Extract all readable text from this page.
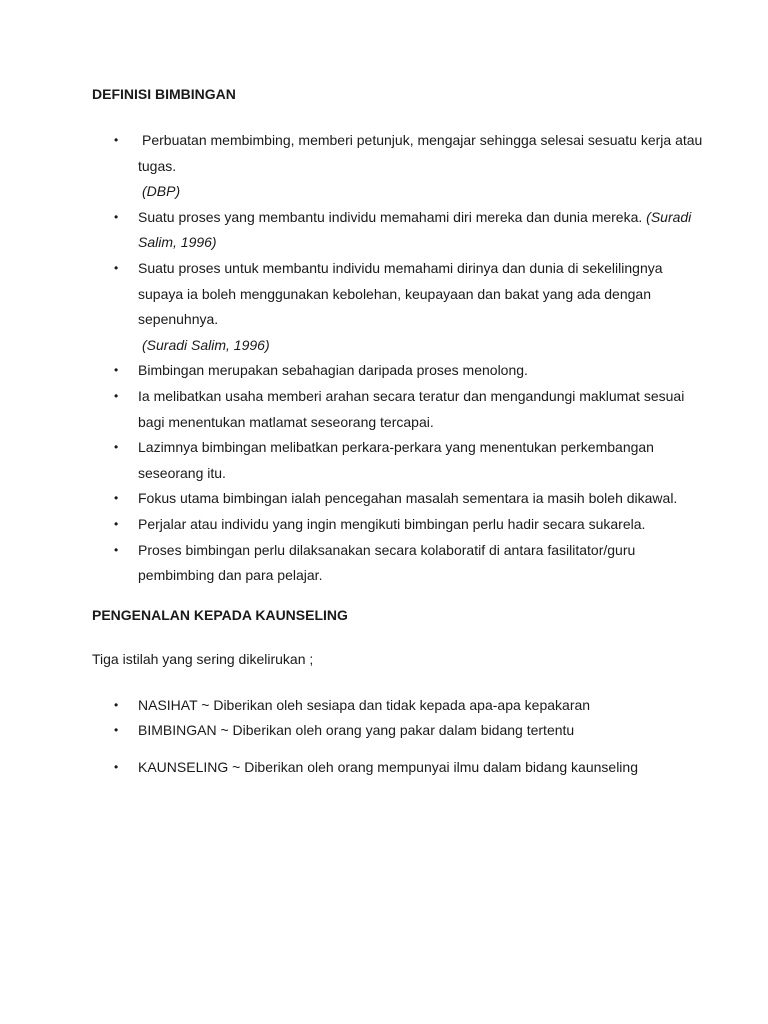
DEFINISI BIMBINGAN
• Perbuatan membimbing, memberi petunjuk, mengajar sehingga selesai sesuatu kerja atau tugas.
(DBP)
• Suatu proses yang membantu individu memahami diri mereka dan dunia mereka. (Suradi Salim, 1996)
• Suatu proses untuk membantu individu memahami dirinya dan dunia di sekelilingnya supaya ia boleh menggunakan kebolehan, keupayaan dan bakat yang ada dengan sepenuhnya.
(Suradi Salim, 1996)
• Bimbingan merupakan sebahagian daripada proses menolong.
• Ia melibatkan usaha memberi arahan secara teratur dan mengandungi maklumat sesuai bagi menentukan matlamat seseorang tercapai.
• Lazimnya bimbingan melibatkan perkara-perkara yang menentukan perkembangan seseorang itu.
• Fokus utama bimbingan ialah pencegahan masalah sementara ia masih boleh dikawal.
• Perjalar atau individu yang ingin mengikuti bimbingan perlu hadir secara sukarela.
• Proses bimbingan perlu dilaksanakan secara kolaboratif di antara fasilitator/guru pembimbing dan para pelajar.
PENGENALAN KEPADA KAUNSELING

Tiga istilah yang sering dikelirukan ;

• NASIHAT ~ Diberikan oleh sesiapa dan tidak kepada apa-apa kepakaran
• BIMBINGAN ~ Diberikan oleh orang yang pakar dalam bidang tertentu
• KAUNSELING ~ Diberikan oleh orang mempunyai ilmu dalam bidang kaunseling
